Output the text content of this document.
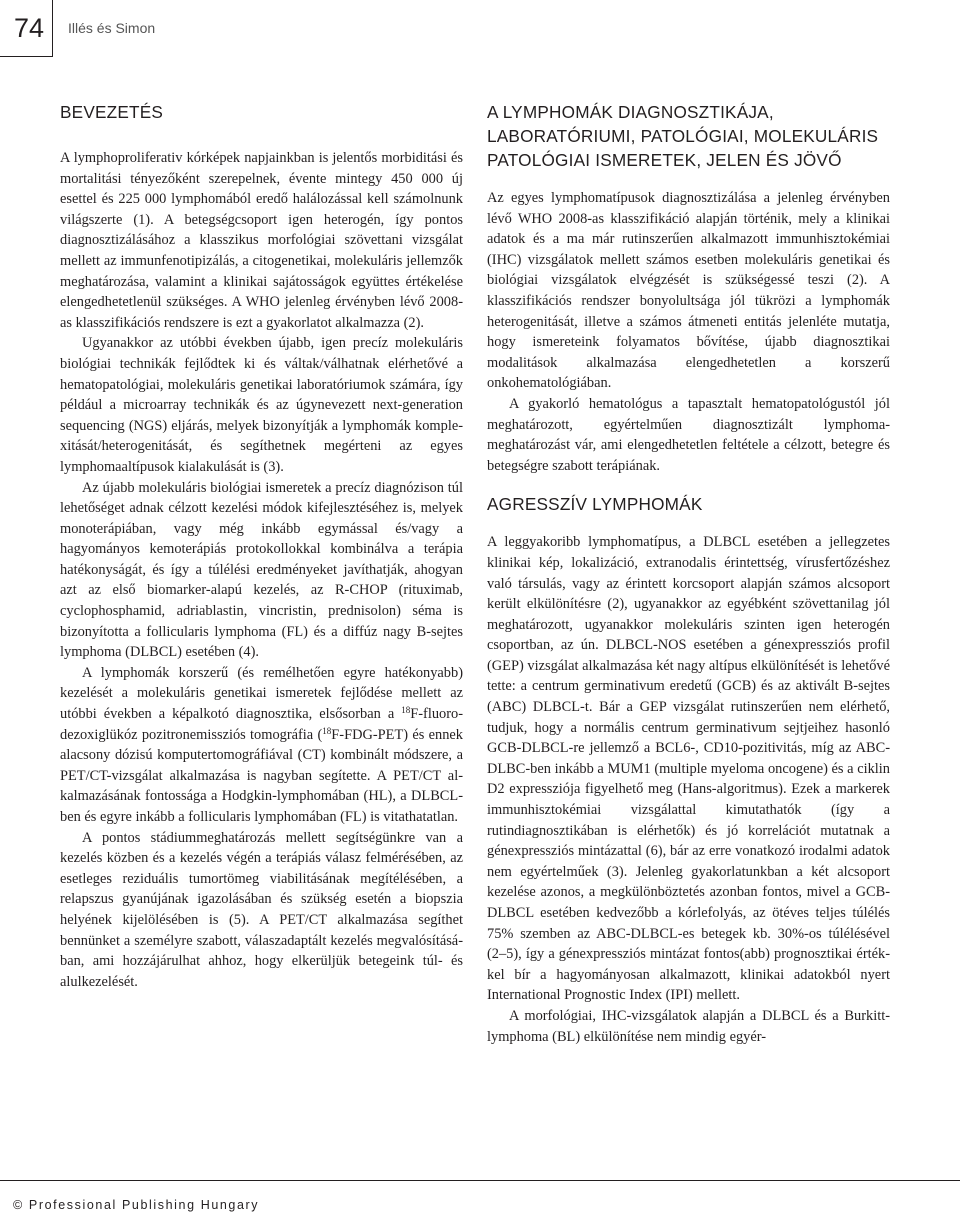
74 Illés és Simon
BEVEZETÉS

A lymphoproliferativ kórképek napjainkban is jelentős morbiditási és mortalitási tényezőként szerepelnek, évente mintegy 450 000 új esettel és 225 000 lymphomából eredő halálozással kell számolnunk világszerte (1). A betegségcsoport igen heterogén, így pontos diagnosztizálásához a klasszikus morfológiai szövettani vizsgálat mellett az immunfenotipizálás, a citogenetikai, molekuláris jellemzők meghatározása, valamint a klinikai sajátosságok együttes értékelése elengedhetetlenül szükséges. A WHO jelenleg érvényben lévő 2008-as klasszifikációs rendszere is ezt a gyakorlatot alkalmazza (2).

Ugyanakkor az utóbbi években újabb, igen precíz molekuláris biológiai technikák fejlődtek ki és váltak/válhatnak elérhetővé a hematopatológiai, molekuláris genetikai laboratóriumok számára, így például a microarray technikák és az úgynevezett next-generation sequencing (NGS) eljárás, melyek bizonyítják a lymphomák komplexitását/heterogenitását, és segíthetnek megérteni az egyes lymphomaaltípusok kialakulását is (3).

Az újabb molekuláris biológiai ismeretek a precíz diagnózison túl lehetőséget adnak célzott kezelési módok kifejlesztéséhez is, melyek monoterápiában, vagy még inkább egymással és/vagy a hagyományos kemoterápiás protokollokkal kombinálva a terápia hatékonyságát, és így a túlélési eredményeket javíthatják, ahogyan azt az első biomarker-alapú kezelés, az R-CHOP (rituximab, cyclophosphamid, adriablastin, vincristin, prednisolon) séma is bizonyította a follicularis lymphoma (FL) és a diffúz nagy B-sejtes lymphoma (DLBCL) esetében (4).

A lymphomák korszerű (és remélhetően egyre hatékonyabb) kezelését a molekuláris genetikai ismeretek fejlődése mellett az utóbbi években a képalkotó diagnosztika, elsősorban a $^{18}$F-fluoro-dezoxiglükóz pozitronemissziós tomográfia ($^{18}$F-FDG-PET) és ennek alacsony dózisú komputertomográfiával (CT) kombinált módszere, a PET/CT-vizsgálat alkalmazása is nagyban segítette. A PET/CT alkalmazásának fontossága a Hodgkin-lymphomában (HL), a DLBCL-ben és egyre inkább a follicularis lymphomában (FL) is vitathatatlan.

A pontos stádiummeghatározás mellett segítségünkre van a kezelés közben és a kezelés végén a terápiás válasz felmérésében, az esetleges reziduális tumortömeg viabilitásának megítélésében, a relapszus gyanújának igazolásában és szükség esetén a biopszia helyének kijelölésében is (5). A PET/CT alkalmazása segíthet bennünket a személyre szabott, válaszadaptált kezelés megvalósításában, ami hozzájárulhat ahhoz, hogy elkerüljük betegeink túl- és alulkezelését.

A LYMPHOMÁK DIAGNOSZTIKÁJA, LABORATÓRIUMI, PATOLÓGIAI, MOLEKULÁRIS PATOLÓGIAI ISMERETEK, JELEN ÉS JÖVŐ

Az egyes lymphomatípusok diagnosztizálása a jelenleg érvényben lévő WHO 2008-as klasszifikáció alapján történik, mely a klinikai adatok és a ma már rutinszerűen alkalmazott immunhisztokémiai (IHC) vizsgálatok mellett számos esetben molekuláris genetikai és biológiai vizsgálatok elvégzését is szükségessé teszi (2). A klasszifikációs rendszer bonyolultsága jól tükrözi a lymphomák heterogenitását, illetve a számos átmeneti entitás jelenléte mutatja, hogy ismereteink folyamatos bővítése, újabb diagnosztikai modalitások alkalmazása elengedhetetlen a korszerű onkohematológiában.

A gyakorló hematológus a tapasztalt hematopatológustól jól meghatározott, egyértelműen diagnosztizált lymphoma-meghatározást vár, ami elengedhetetlen feltétele a célzott, betegre és betegségre szabott terápiának.

AGRESSZÍV LYMPHOMÁK

A leggyakoribb lymphomatípus, a DLBCL esetében a jellegzetes klinikai kép, lokalizáció, extranodalis érintettség, vírusfertőzéshez való társulás, vagy az érintett korcsoport alapján számos alcsoport került elkülönítésre (2), ugyanakkor az egyébként szövettanilag jól meghatározott, ugyanakkor molekuláris szinten igen heterogén csoportban, az ún. DLBCL-NOS esetében a génexpressziós profil (GEP) vizsgálat alkalmazása két nagy altípus elkülönítését is lehetővé tette: a centrum germinativum eredetű (GCB) és az aktivált B-sejtes (ABC) DLBCL-t. Bár a GEP vizsgálat rutinszerűen nem elérhető, tudjuk, hogy a normális centrum germinativum sejtjeihez hasonló GCB-DLBCL-re jellemző a BCL6-, CD10-pozitivitás, míg az ABC-DLBC-ben inkább a MUM1 (multiple myeloma oncogene) és a ciklin D2 expressziója figyelhető meg (Hans-algoritmus). Ezek a markerek immunhisztokémiai vizsgálattal kimutathatók (így a rutindiagnosztikában is elérhetők) és jó korrelációt mutatnak a génexpressziós mintázattal (6), bár az erre vonatkozó irodalmi adatok nem egyértelműek (3). Jelenleg gyakorlatunkban a két alcsoport kezelése azonos, a megkülönböztetés azonban fontos, mivel a GCB-DLBCL esetében kedvezőbb a kórlefolyás, az ötéves teljes túlélés 75% szemben az ABC-DLBCL-es betegek kb. 30%-os túlélésével (2–5), így a génexpressziós mintázat fontos(abb) prognosztikai értékkel bír a hagyományosan alkalmazott, klinikai adatokból nyert International Prognostic Index (IPI) mellett.

A morfológiai, IHC-vizsgálatok alapján a DLBCL és a Burkitt-lymphoma (BL) elkülönítése nem mindig egyér-

© Professional Publishing Hungary
